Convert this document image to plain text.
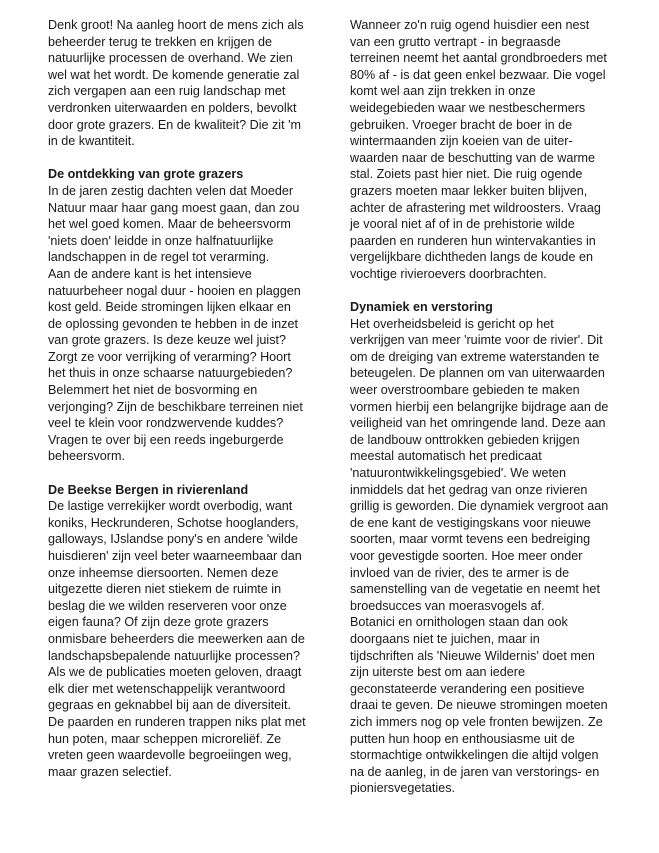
Denk groot! Na aanleg hoort de mens zich als
beheerder terug te trekken en krijgen de
natuurlijke processen de overhand. We zien
wel wat het wordt. De komende generatie zal
zich vergapen aan een ruig landschap met
verdronken uiterwaarden en polders, bevolkt
door grote grazers. En de kwaliteit? Die zit 'm
in de kwantiteit.
De ontdekking van grote grazers
In de jaren zestig dachten velen dat Moeder
Natuur maar haar gang moest gaan, dan zou
het wel goed komen. Maar de beheersvorm
'niets doen' leidde in onze halfnatuurlijke
landschappen in de regel tot verarming.
Aan de andere kant is het intensieve
natuurbeheer nogal duur - hooien en plaggen
kost geld. Beide stromingen lijken elkaar en
de oplossing gevonden te hebben in de inzet
van grote grazers. Is deze keuze wel juist?
Zorgt ze voor verrijking of verarming? Hoort
het thuis in onze schaarse natuurgebieden?
Belemmert het niet de bosvorming en
verjonging? Zijn de beschikbare terreinen niet
veel te klein voor rondzwervende kuddes?
Vragen te over bij een reeds ingeburgerde
beheersvorm.
De Beekse Bergen in rivierenland
De lastige verrekijker wordt overbodig, want
koniks, Heckrunderen, Schotse hooglanders,
galloways, IJslandse pony's en andere 'wilde
huisdieren' zijn veel beter waarneembaar dan
onze inheemse diersoorten. Nemen deze
uitgezette dieren niet stiekem de ruimte in
beslag die we wilden reserveren voor onze
eigen fauna? Of zijn deze grote grazers
onmisbare beheerders die meewerken aan de
landschapsbepalende natuurlijke processen?
Als we de publicaties moeten geloven, draagt
elk dier met wetenschappelijk verantwoord
gegraas en geknabbel bij aan de diversiteit.
De paarden en runderen trappen niks plat met
hun poten, maar scheppen microreliëf. Ze
vreten geen waardevolle begroeiingen weg,
maar grazen selectief.
Wanneer zo'n ruig ogend huisdier een nest
van een grutto vertrapt - in begraasde
terreinen neemt het aantal grondbroeders met
80% af - is dat geen enkel bezwaar. Die vogel
komt wel aan zijn trekken in onze
weidegebieden waar we nestbeschermers
gebruiken. Vroeger bracht de boer in de
wintermaanden zijn koeien van de uiter-
waarden naar de beschutting van de warme
stal. Zoiets past hier niet. Die ruig ogende
grazers moeten maar lekker buiten blijven,
achter de afrastering met wildroosters. Vraag
je vooral niet af of in de prehistorie wilde
paarden en runderen hun wintervakanties in
vergelijkbare dichtheden langs de koude en
vochtige rivieroevers doorbrachten.
Dynamiek en verstoring
Het overheidsbeleid is gericht op het
verkrijgen van meer 'ruimte voor de rivier'. Dit
om de dreiging van extreme waterstanden te
beteugelen. De plannen om van uiterwaarden
weer overstroombare gebieden te maken
vormen hierbij een belangrijke bijdrage aan de
veiligheid van het omringende land. Deze aan
de landbouw onttrokken gebieden krijgen
meestal automatisch het predicaat
'natuurontwikkelingsgebied'. We weten
inmiddels dat het gedrag van onze rivieren
grillig is geworden. Die dynamiek vergroot aan
de ene kant de vestigingskans voor nieuwe
soorten, maar vormt tevens een bedreiging
voor gevestigde soorten. Hoe meer onder
invloed van de rivier, des te armer is de
samenstelling van de vegetatie en neemt het
broedsucces van moerasvogels af.
Botanici en ornithologen staan dan ook
doorgaans niet te juichen, maar in
tijdschriften als 'Nieuwe Wildernis' doet men
zijn uiterste best om aan iedere
geconstateerde verandering een positieve
draai te geven. De nieuwe stromingen moeten
zich immers nog op vele fronten bewijzen. Ze
putten hun hoop en enthousiasme uit de
stormachtige ontwikkelingen die altijd volgen
na de aanleg, in de jaren van verstorings- en
pioniersvegetaties.
